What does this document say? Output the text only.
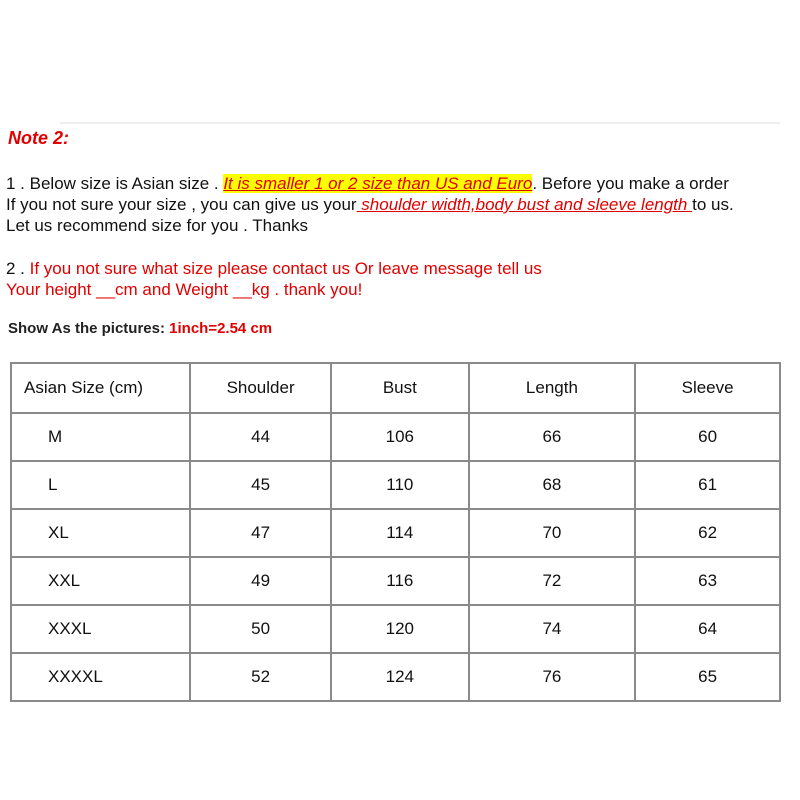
Note 2:
1 . Below size is Asian size . It is smaller 1 or 2 size than US and Euro. Before you make a order
If you not sure your size , you can give us your shoulder width,body bust and sleeve length to us.
Let us recommend size for you . Thanks
2 . If you not sure what size please contact us Or leave message tell us
Your height __cm and Weight __kg . thank you!
Show As the pictures: 1inch=2.54 cm
Asian Size (cm)	Shoulder	Bust	Length	Sleeve
M	44	106	66	60
L	45	110	68	61
XL	47	114	70	62
XXL	49	116	72	63
XXXL	50	120	74	64
XXXXL	52	124	76	65
